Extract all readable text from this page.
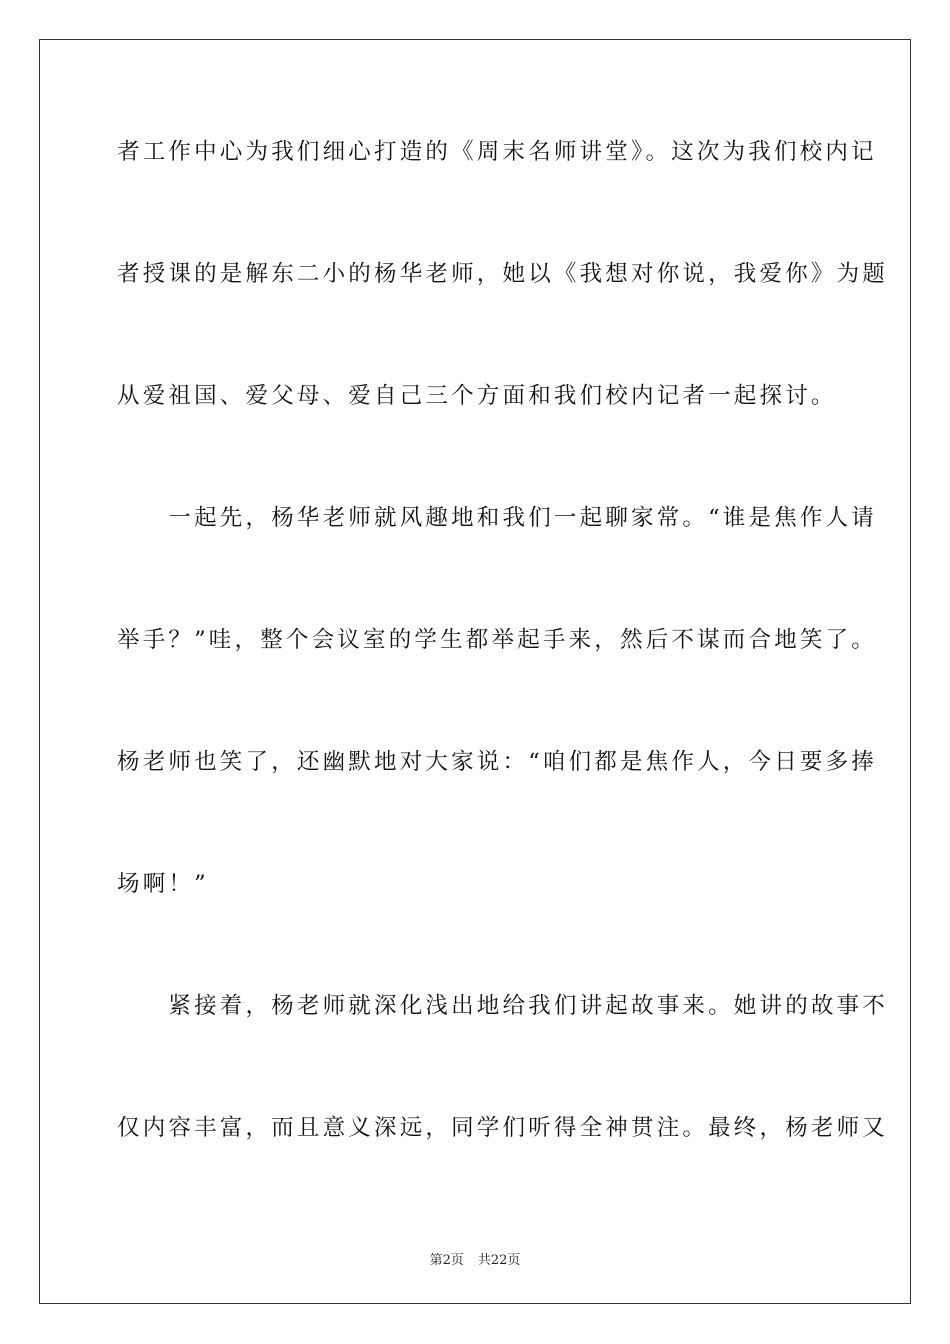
者工作中心为我们细心打造的《周末名师讲堂》。这次为我们校内记
者授课的是解东二小的杨华老师，她以《我想对你说，我爱你》为题
从爱祖国、爱父母、爱自己三个方面和我们校内记者一起探讨。
　　一起先，杨华老师就风趣地和我们一起聊家常。“谁是焦作人请
举手？”哇，整个会议室的学生都举起手来，然后不谋而合地笑了。
杨老师也笑了，还幽默地对大家说：“咱们都是焦作人，今日要多捧
场啊！”
　　紧接着，杨老师就深化浅出地给我们讲起故事来。她讲的故事不
仅内容丰富，而且意义深远，同学们听得全神贯注。最终，杨老师又
第2页 共22页
